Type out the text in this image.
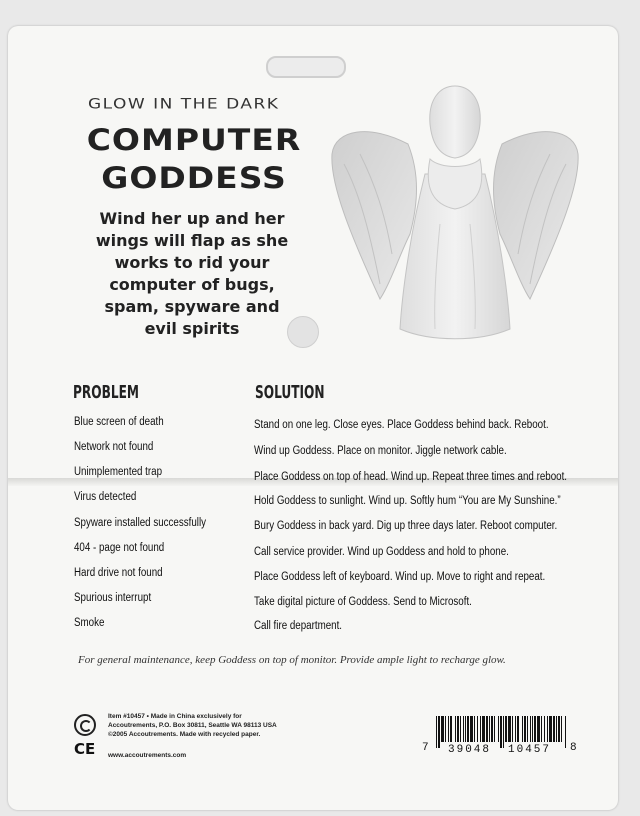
GLOW IN THE DARK
COMPUTER
GODDESS
Wind her up and her
wings will flap as she
works to rid your
computer of bugs,
spam, spyware and
evil spirits
PROBLEM	SOLUTION
Blue screen of death	Stand on one leg. Close eyes. Place Goddess behind back. Reboot.
Network not found	Wind up Goddess. Place on monitor. Jiggle network cable.
Unimplemented trap	Place Goddess on top of head. Wind up. Repeat three times and reboot.
Virus detected	Hold Goddess to sunlight. Wind up. Softly hum “You are My Sunshine.”
Spyware installed successfully	Bury Goddess in back yard. Dig up three days later. Reboot computer.
404 - page not found	Call service provider. Wind up Goddess and hold to phone.
Hard drive not found	Place Goddess left of keyboard. Wind up. Move to right and repeat.
Spurious interrupt	Take digital picture of Goddess. Send to Microsoft.
Smoke	Call fire department.
For general maintenance, keep Goddess on top of monitor. Provide ample light to recharge glow.
CE
Item #10457 • Made in China exclusively for
Accoutrements, P.O. Box 30811, Seattle WA 98113 USA
©2005 Accoutrements. Made with recycled paper.
www.accoutrements.com
7 39048 10457 8
